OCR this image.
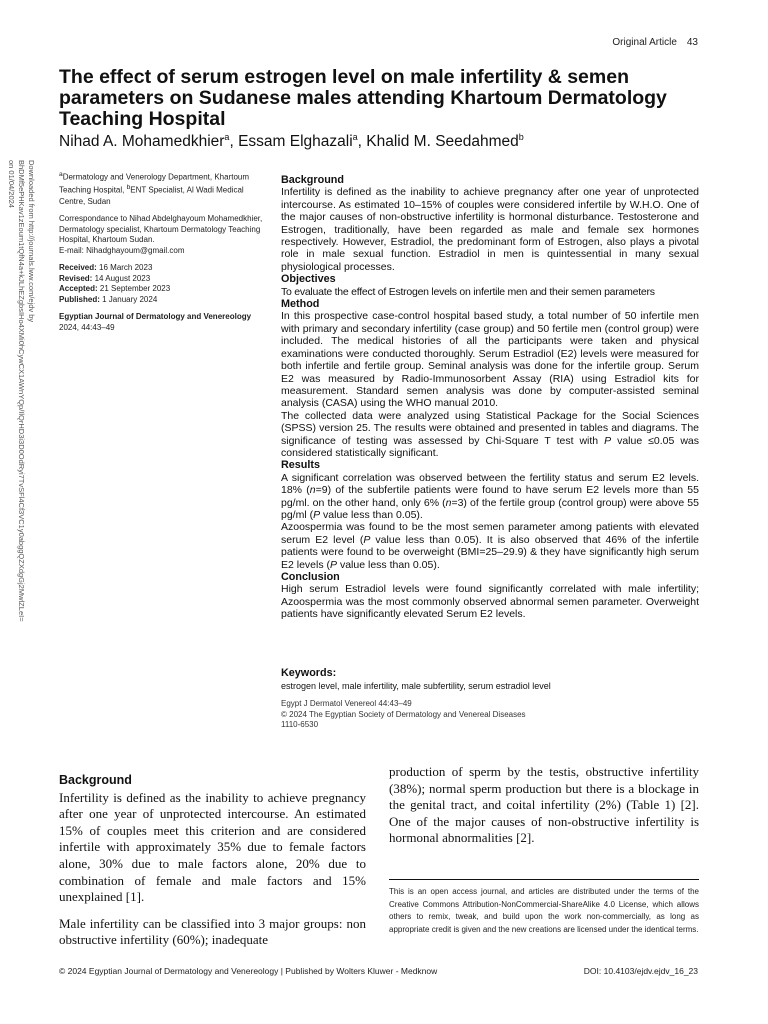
Original Article 43
The effect of serum estrogen level on male infertility & semen parameters on Sudanese males attending Khartoum Dermatology Teaching Hospital
Nihad A. Mohamedkhier$^a$, Essam Elghazali$^a$, Khalid M. Seedahmed$^b$
Downloaded from http://journals.lww.com/ejdv by BhDMf5ePHKav1zEoum1tQfN4a+kJLhEZgbsIHo4XMi0hCywCX1AWnYQp/IlQrHD3i3D0OdRyi7TvSFl4Cf3VC1y0abggQZXdgGj2MwlZLeI= on 01/04/2024	$^a$Dermatology and Venerology Department, Khartoum Teaching Hospital, $^b$ENT Specialist, Al Wadi Medical Centre, Sudan

Correspondance to Nihad Abdelghayoum Mohamedkhier, Dermatology specialist, Khartoum Dermatology Teaching Hospital, Khartoum Sudan.
E-mail: Nihadghayoum@gmail.com

Received: 16 March 2023
Revised: 14 August 2023
Accepted: 21 September 2023
Published: 1 January 2024

Egyptian Journal of Dermatology and Venereology 2024, 44:43–49

Background

Infertility is defined as the inability to achieve pregnancy after one year of unprotected intercourse. As estimated 10–15% of couples were considered infertile by W.H.O. One of the major causes of non-obstructive infertility is hormonal disturbance. Testosterone and Estrogen, traditionally, have been regarded as male and female sex hormones respectively. However, Estradiol, the predominant form of Estrogen, also plays a pivotal role in male sexual function. Estradiol in men is quintessential in many sexual physiological processes.

Objectives

To evaluate the effect of Estrogen levels on infertile men and their semen parameters

Method

In this prospective case-control hospital based study, a total number of 50 infertile men with primary and secondary infertility (case group) and 50 fertile men (control group) were included. The medical histories of all the participants were taken and physical examinations were conducted thoroughly. Serum Estradiol (E2) levels were measured for both infertile and fertile group. Seminal analysis was done for the infertile group. Serum E2 was measured by Radio-Immunosorbent Assay (RIA) using Estradiol kits for measurement. Standard semen analysis was done by computer-assisted seminal analysis (CASA) using the WHO manual 2010.

The collected data were analyzed using Statistical Package for the Social Sciences (SPSS) version 25. The results were obtained and presented in tables and diagrams. The significance of testing was assessed by Chi-Square T test with P value ≤0.05 was considered statistically significant.

Results

A significant correlation was observed between the fertility status and serum E2 levels. 18% (n=9) of the subfertile patients were found to have serum E2 levels more than 55 pg/ml. on the other hand, only 6% (n=3) of the fertile group (control group) were above 55 pg/ml (P value less than 0.05).

Azoospermia was found to be the most semen parameter among patients with elevated serum E2 level (P value less than 0.05). It is also observed that 46% of the infertile patients were found to be overweight (BMI=25–29.9) & they have significantly high serum E2 levels (P value less than 0.05).

Conclusion

High serum Estradiol levels were found significantly correlated with male infertility; Azoospermia was the most commonly observed abnormal semen parameter. Overweight patients have significantly elevated Serum E2 levels.

Keywords:
estrogen level, male infertility, male subfertility, serum estradiol level
Egypt J Dermatol Venereol 44:43–49
© 2024 The Egyptian Society of Dermatology and Venereal Diseases
1110-6530
Background

Infertility is defined as the inability to achieve pregnancy after one year of unprotected intercourse. An estimated 15% of couples meet this criterion and are considered infertile with approximately 35% due to female factors alone, 30% due to male factors alone, 20% due to combination of female and male factors and 15% unexplained [1].

Male infertility can be classified into 3 major groups: non obstructive infertility (60%); inadequate

production of sperm by the testis, obstructive infertility (38%); normal sperm production but there is a blockage in the genital tract, and coital infertility (2%) (Table 1) [2]. One of the major causes of non-obstructive infertility is hormonal abnormalities [2].

This is an open access journal, and articles are distributed under the terms of the Creative Commons Attribution-NonCommercial-ShareAlike 4.0 License, which allows others to remix, tweak, and build upon the work non-commercially, as long as appropriate credit is given and the new creations are licensed under the identical terms.
© 2024 Egyptian Journal of Dermatology and Venereology | Published by Wolters Kluwer - Medknow	DOI: 10.4103/ejdv.ejdv_16_23
